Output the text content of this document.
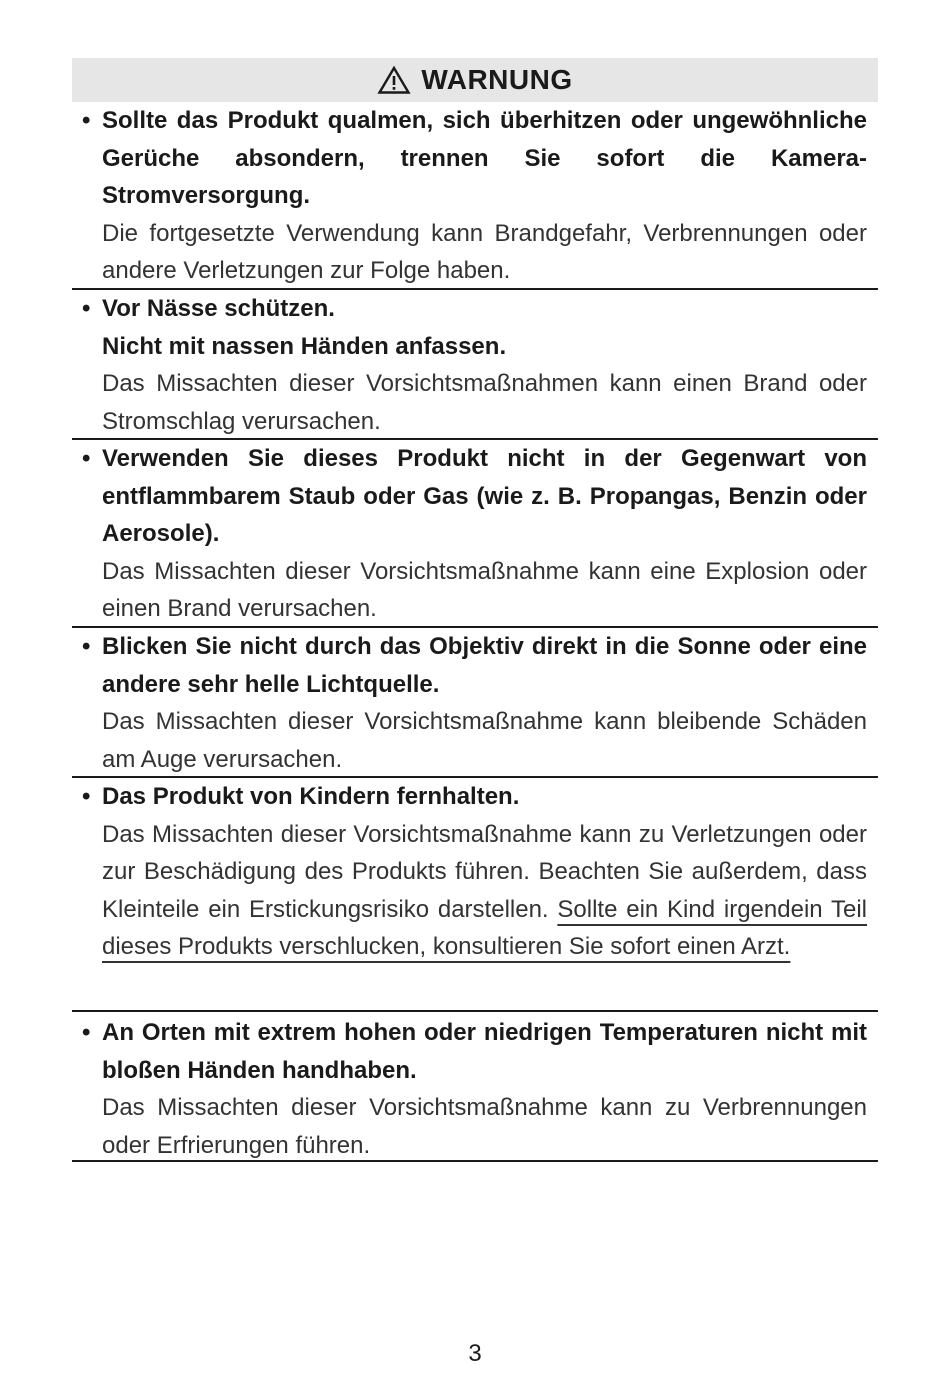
WARNUNG
• Sollte das Produkt qualmen, sich überhitzen oder ungewöhnliche Gerüche absondern, trennen Sie sofort die Kamera-Stromversorgung.
Die fortgesetzte Verwendung kann Brandgefahr, Verbrennungen oder andere Verletzungen zur Folge haben.
• Vor Nässe schützen.
Nicht mit nassen Händen anfassen.
Das Missachten dieser Vorsichtsmaßnahmen kann einen Brand oder Stromschlag verursachen.
• Verwenden Sie dieses Produkt nicht in der Gegenwart von entflammbarem Staub oder Gas (wie z. B. Propangas, Benzin oder Aerosole).
Das Missachten dieser Vorsichtsmaßnahme kann eine Explosion oder einen Brand verursachen.
• Blicken Sie nicht durch das Objektiv direkt in die Sonne oder eine andere sehr helle Lichtquelle.
Das Missachten dieser Vorsichtsmaßnahme kann bleibende Schäden am Auge verursachen.
• Das Produkt von Kindern fernhalten.
Das Missachten dieser Vorsichtsmaßnahme kann zu Verletzungen oder zur Beschädigung des Produkts führen. Beachten Sie außerdem, dass Kleinteile ein Erstickungsrisiko darstellen. Sollte ein Kind irgendein Teil dieses Produkts verschlucken, konsultieren Sie sofort einen Arzt.
• An Orten mit extrem hohen oder niedrigen Temperaturen nicht mit bloßen Händen handhaben.
Das Missachten dieser Vorsichtsmaßnahme kann zu Verbrennungen oder Erfrierungen führen.
3
